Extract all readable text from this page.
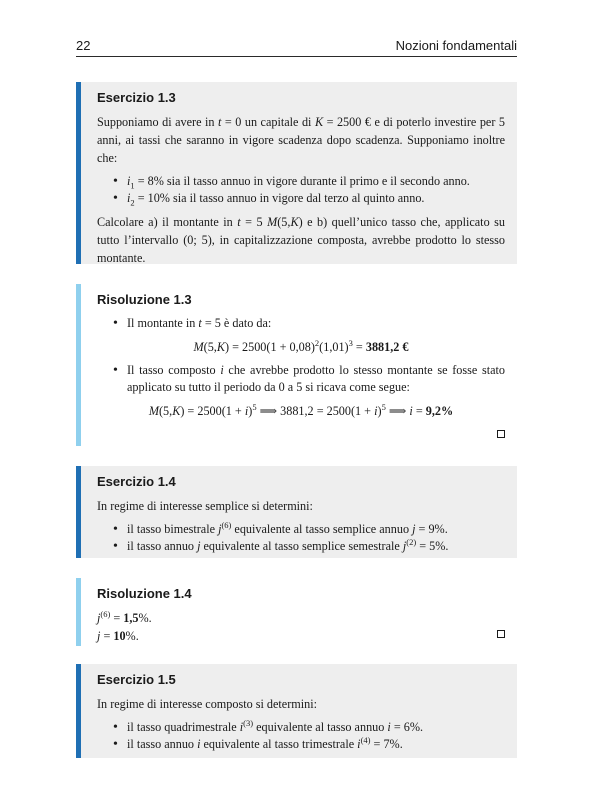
22	Nozioni fondamentali
Esercizio 1.3

Supponiamo di avere in t = 0 un capitale di K = 2500 € e di poterlo investire per 5 anni, ai tassi che saranno in vigore scadenza dopo scadenza. Supponiamo inoltre che:

• $i_1 = 8\%$ sia il tasso annuo in vigore durante il primo e il secondo anno.
• $i_2 = 10\%$ sia il tasso annuo in vigore dal terzo al quinto anno.

Calcolare a) il montante in t = 5 M(5,K) e b) quell’unico tasso che, applicato su tutto l’intervallo (0; 5), in capitalizzazione composta, avrebbe prodotto lo stesso montante.

Risoluzione 1.3
• Il montante in t = 5 è dato da:
$M(5,K) = 2500(1 + 0,08)^2(1,01)^3 = 3881,2$ €
• Il tasso composto i che avrebbe prodotto lo stesso montante se fosse stato applicato su tutto il periodo da 0 a 5 si ricava come segue:
$M(5,K) = 2500(1 + i)^5$ ⟹ $3881,2 = 2500(1 + i)^5$ ⟹ i = 9,2%
Esercizio 1.4

In regime di interesse semplice si determini:

• il tasso bimestrale $j^{(6)}$ equivalente al tasso semplice annuo j = 9%.
• il tasso annuo j equivalente al tasso semplice semestrale $j^{(2)} = 5\%$.
Risoluzione 1.4
$j^{(6)} = 1,5\%$.
j = 10%.
Esercizio 1.5

In regime di interesse composto si determini:

• il tasso quadrimestrale $i^{(3)}$ equivalente al tasso annuo i = 6%.
• il tasso annuo i equivalente al tasso trimestrale $i^{(4)} = 7\%$.
